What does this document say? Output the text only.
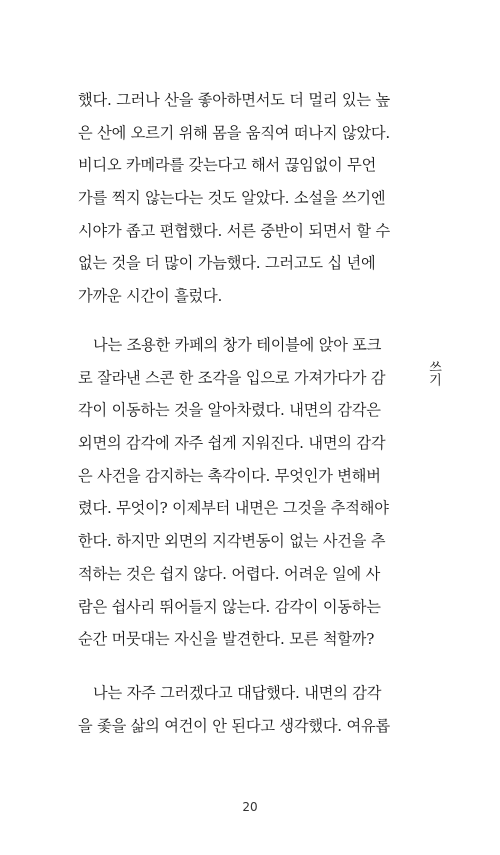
했다. 그러나 산을 좋아하면서도 더 멀리 있는 높
은 산에 오르기 위해 몸을 움직여 떠나지 않았다.
비디오 카메라를 갖는다고 해서 끊임없이 무언
가를 찍지 않는다는 것도 알았다. 소설을 쓰기엔
시야가 좁고 편협했다. 서른 중반이 되면서 할 수
없는 것을 더 많이 가늠했다. 그러고도 십 년에
가까운 시간이 흘렀다.
나는 조용한 카페의 창가 테이블에 앉아 포크
로 잘라낸 스콘 한 조각을 입으로 가져가다가 감
각이 이동하는 것을 알아차렸다. 내면의 감각은
외면의 감각에 자주 쉽게 지워진다. 내면의 감각
은 사건을 감지하는 촉각이다. 무엇인가 변해버
렸다. 무엇이? 이제부터 내면은 그것을 추적해야
한다. 하지만 외면의 지각변동이 없는 사건을 추
적하는 것은 쉽지 않다. 어렵다. 어려운 일에 사
람은 쉽사리 뛰어들지 않는다. 감각이 이동하는
순간 머뭇대는 자신을 발견한다. 모른 척할까?
나는 자주 그러겠다고 대답했다. 내면의 감각
을 좇을 삶의 여건이 안 된다고 생각했다. 여유롭
쓰기
20
